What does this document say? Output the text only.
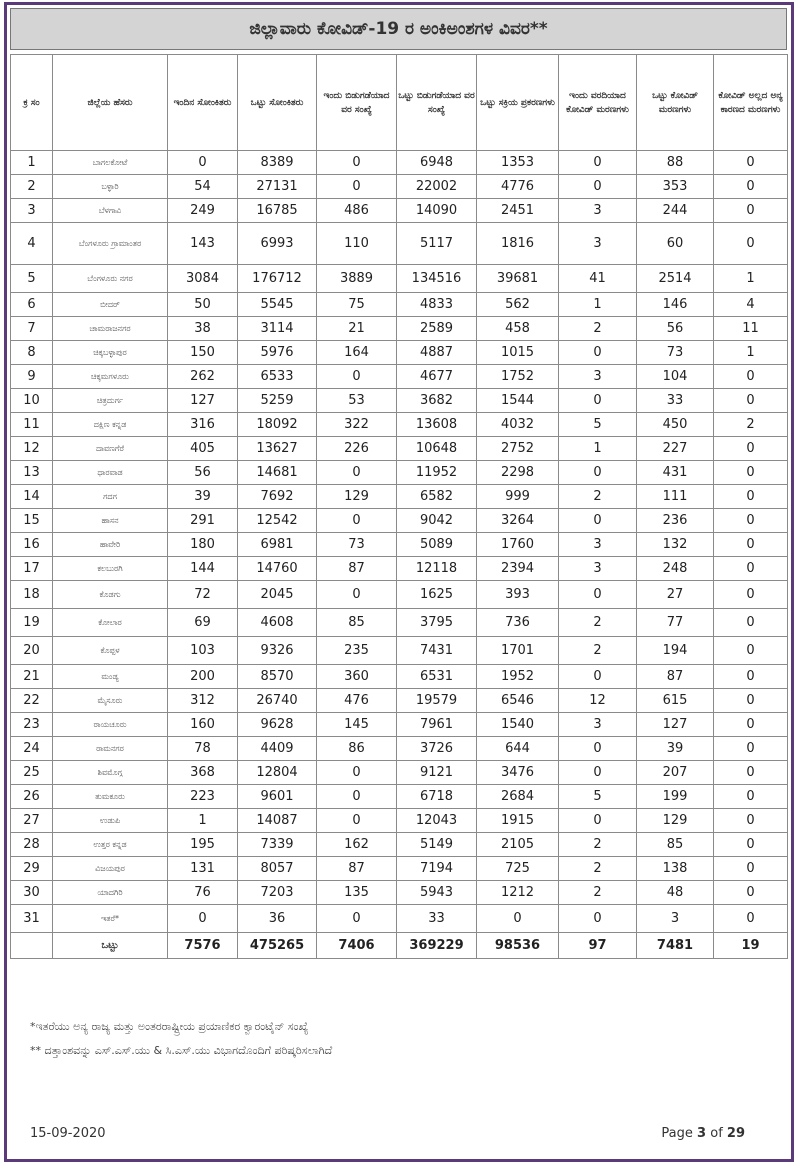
ಜಿಲ್ಲಾವಾರು ಕೋವಿಡ್-19 ರ ಅಂಕಿಅಂಶಗಳ ವಿವರ**
ಕ್ರ ಸಂ	ಜಿಲ್ಲೆಯ ಹೆಸರು	ಇಂದಿನ ಸೋಂಕಿತರು	ಒಟ್ಟು ಸೋಂಕಿತರು	ಇಂದು ಬಿಡುಗಡೆಯಾದ ವರ ಸಂಖ್ಯೆ	ಒಟ್ಟು ಬಿಡುಗಡೆಯಾದ ವರ ಸಂಖ್ಯೆ	ಒಟ್ಟು ಸಕ್ರಿಯ ಪ್ರಕರಣಗಳು	ಇಂದು ವರದಿಯಾದ ಕೋವಿಡ್ ಮರಣಗಳು	ಒಟ್ಟು ಕೋವಿಡ್ ಮರಣಗಳು	ಕೋವಿಡ್ ಅಲ್ಲದ ಅನ್ಯ ಕಾರಣದ ಮರಣಗಳು
1	ಬಾಗಲಕೋಟೆ	0	8389	0	6948	1353	0	88	0
2	ಬಳ್ಳಾರಿ	54	27131	0	22002	4776	0	353	0
3	ಬೆಳಗಾವಿ	249	16785	486	14090	2451	3	244	0
4	ಬೆಂಗಳೂರು ಗ್ರಾಮಾಂತರ	143	6993	110	5117	1816	3	60	0
5	ಬೆಂಗಳೂರು ನಗರ	3084	176712	3889	134516	39681	41	2514	1
6	ಬೀದರ್	50	5545	75	4833	562	1	146	4
7	ಚಾಮರಾಜನಗರ	38	3114	21	2589	458	2	56	11
8	ಚಿಕ್ಕಬಳ್ಳಾಪುರ	150	5976	164	4887	1015	0	73	1
9	ಚಿಕ್ಕಮಗಳೂರು	262	6533	0	4677	1752	3	104	0
10	ಚಿತ್ರದುರ್ಗ	127	5259	53	3682	1544	0	33	0
11	ದಕ್ಷಿಣ ಕನ್ನಡ	316	18092	322	13608	4032	5	450	2
12	ದಾವಣಗೆರೆ	405	13627	226	10648	2752	1	227	0
13	ಧಾರವಾಡ	56	14681	0	11952	2298	0	431	0
14	ಗದಗ	39	7692	129	6582	999	2	111	0
15	ಹಾಸನ	291	12542	0	9042	3264	0	236	0
16	ಹಾವೇರಿ	180	6981	73	5089	1760	3	132	0
17	ಕಲಬುರಗಿ	144	14760	87	12118	2394	3	248	0
18	ಕೊಡಗು	72	2045	0	1625	393	0	27	0
19	ಕೋಲಾರ	69	4608	85	3795	736	2	77	0
20	ಕೊಪ್ಪಳ	103	9326	235	7431	1701	2	194	0
21	ಮಂಡ್ಯ	200	8570	360	6531	1952	0	87	0
22	ಮೈಸೂರು	312	26740	476	19579	6546	12	615	0
23	ರಾಯಚೂರು	160	9628	145	7961	1540	3	127	0
24	ರಾಮನಗರ	78	4409	86	3726	644	0	39	0
25	ಶಿವಮೊಗ್ಗ	368	12804	0	9121	3476	0	207	0
26	ತುಮಕೂರು	223	9601	0	6718	2684	5	199	0
27	ಉಡುಪಿ	1	14087	0	12043	1915	0	129	0
28	ಉತ್ತರ ಕನ್ನಡ	195	7339	162	5149	2105	2	85	0
29	ವಿಜಯಪುರ	131	8057	87	7194	725	2	138	0
30	ಯಾದಗಿರಿ	76	7203	135	5943	1212	2	48	0
31	ಇತರೆ*	0	36	0	33	0	0	3	0
	ಒಟ್ಟು	7576	475265	7406	369229	98536	97	7481	19
*ಇತರೆಯು ಅನ್ಯ ರಾಜ್ಯ ಮತ್ತು ಅಂತರರಾಷ್ಟ್ರೀಯ ಪ್ರಯಾಣಿಕರ ಕ್ವಾರಂಟೈನ್ ಸಂಖ್ಯೆ
** ದತ್ತಾಂಶವನ್ನು ಎಸ್.ಎಸ್.ಯು & ಸಿ.ಎಸ್.ಯು ವಿಭಾಗದೊಂದಿಗೆ ಪರಿಷ್ಕರಿಸಲಾಗಿದೆ
15-09-2020	Page 3 of 29
